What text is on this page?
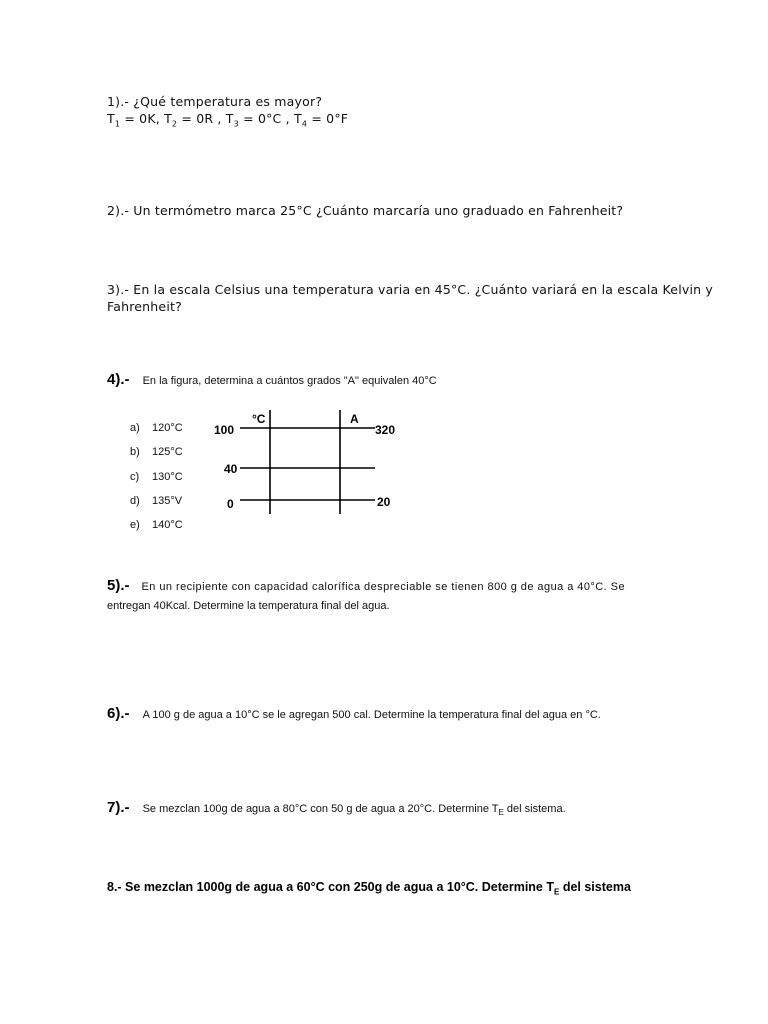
1).- ¿Qué temperatura es mayor?
$T_1 = 0K$, $T_2 = 0R$ , $T_3 = 0^\circ C$ , $T_4 = 0^\circ F$
2).- Un termómetro marca 25°C ¿Cuánto marcaría uno graduado en Fahrenheit?
3).- En la escala Celsius una temperatura varia en 45°C. ¿Cuánto variará en la escala Kelvin y
Fahrenheit?
4).- En la figura, determina a cuántos grados "A" equivalen 40°C
a) 120°C
b) 125°C
c) 130°C
d) 135°V
e) 140°C
°C	A
100
40
0
320
20
5).- En un recipiente con capacidad calorífica despreciable se tienen 800 g de agua a 40°C. Se
entregan 40Kcal. Determine la temperatura final del agua.
6).- A 100 g de agua a 10°C se le agregan 500 cal. Determine la temperatura final del agua en °C.
7).- Se mezclan 100g de agua a 80°C con 50 g de agua a 20°C. Determine $T_E$ del sistema.
8.- Se mezclan 1000g de agua a 60°C con 250g de agua a 10°C. Determine $T_E$ del sistema
